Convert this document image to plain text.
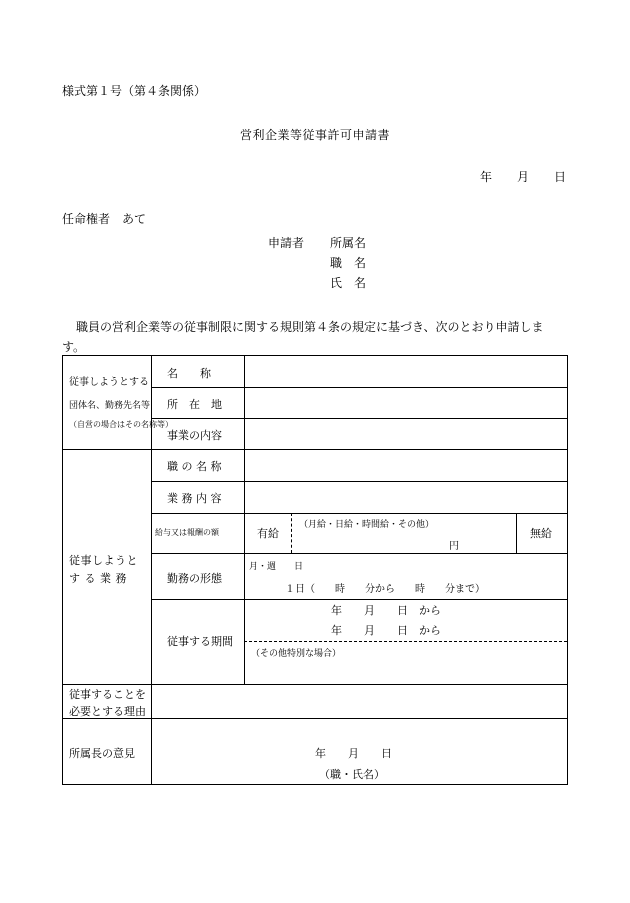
様式第１号（第４条関係）
営利企業等従事許可申請書
年 月 日
任命権者　あて
申請者 所属名
職　名
氏　名
職員の営利企業等の従事制限に関する規則第４条の規定に基づき、次のとおり申請しま
す。
従事しようとする
団体名、勤務先名等
（自営の場合はその名称等）
名　　称
所　在　地
事業の内容
従事しようと
す る 業 務
職 の 名 称
業 務 内 容
給与又は報酬の額	有給
（月給・日給・時間給・その他）
円
無給
勤務の形態
月・週　　日
１日（　　時　　分から　　時　　分まで）
従事する期間
年　　月　　日　から
年　　月　　日　から
（その他特別な場合）
従事することを
必要とする理由
所属長の意見	年　　月　　日
（職・氏名）
